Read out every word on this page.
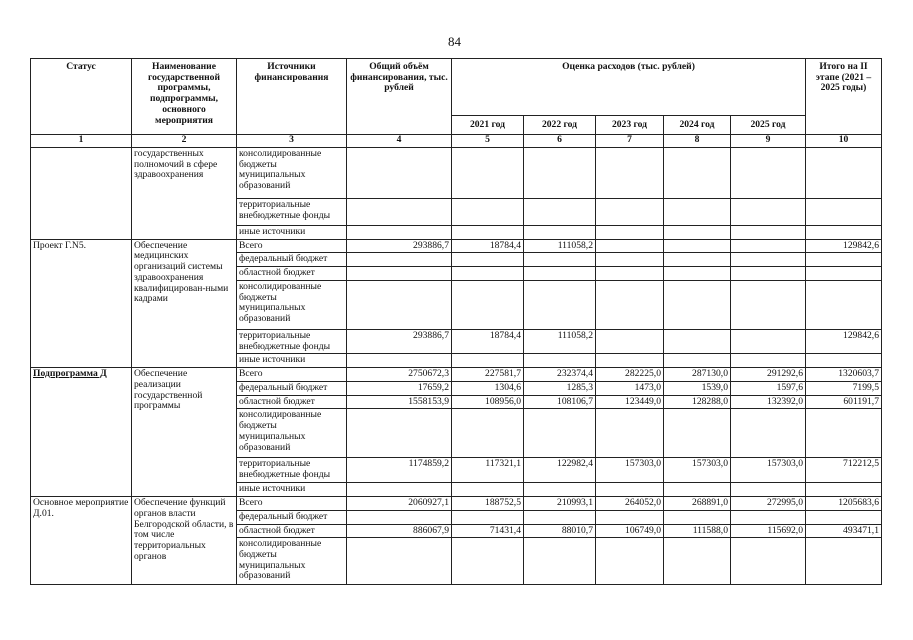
84
Статус	Наименование государственной программы, подпрограммы, основного мероприятия	Источники финансирования	Общий объём финансирования, тыс. рублей	Оценка расходов (тыс. рублей)					Итого на II этапе (2021 – 2025 годы)
				2021 год	2022 год	2023 год	2024 год	2025 год	
1	2	3	4	5	6	7	8	9	10
	государственных полномочий в сфере здравоохранения	консолидированные бюджеты муниципальных образований							
		территориальные внебюджетные фонды							
		иные источники							
Проект Г.N5.	Обеспечение медицинских организаций системы здравоохранения квалифицирован-ными кадрами	Всего	293886,7	18784,4	111058,2				129842,6
		федеральный бюджет							
		областной бюджет							
		консолидированные бюджеты муниципальных образований							
		территориальные внебюджетные фонды	293886,7	18784,4	111058,2				129842,6
		иные источники							
Подпрограмма Д	Обеспечение реализации государственной программы	Всего	2750672,3	227581,7	232374,4	282225,0	287130,0	291292,6	1320603,7
		федеральный бюджет	17659,2	1304,6	1285,3	1473,0	1539,0	1597,6	7199,5
		областной бюджет	1558153,9	108956,0	108106,7	123449,0	128288,0	132392,0	601191,7
		консолидированные бюджеты муниципальных образований							
		территориальные внебюджетные фонды	1174859,2	117321,1	122982,4	157303,0	157303,0	157303,0	712212,5
		иные источники							
Основное мероприятие Д.01.	Обеспечение функций органов власти Белгородской области, в том числе территориальных органов	Всего	2060927,1	188752,5	210993,1	264052,0	268891,0	272995,0	1205683,6
		федеральный бюджет							
		областной бюджет	886067,9	71431,4	88010,7	106749,0	111588,0	115692,0	493471,1
		консолидированные бюджеты муниципальных образований							
